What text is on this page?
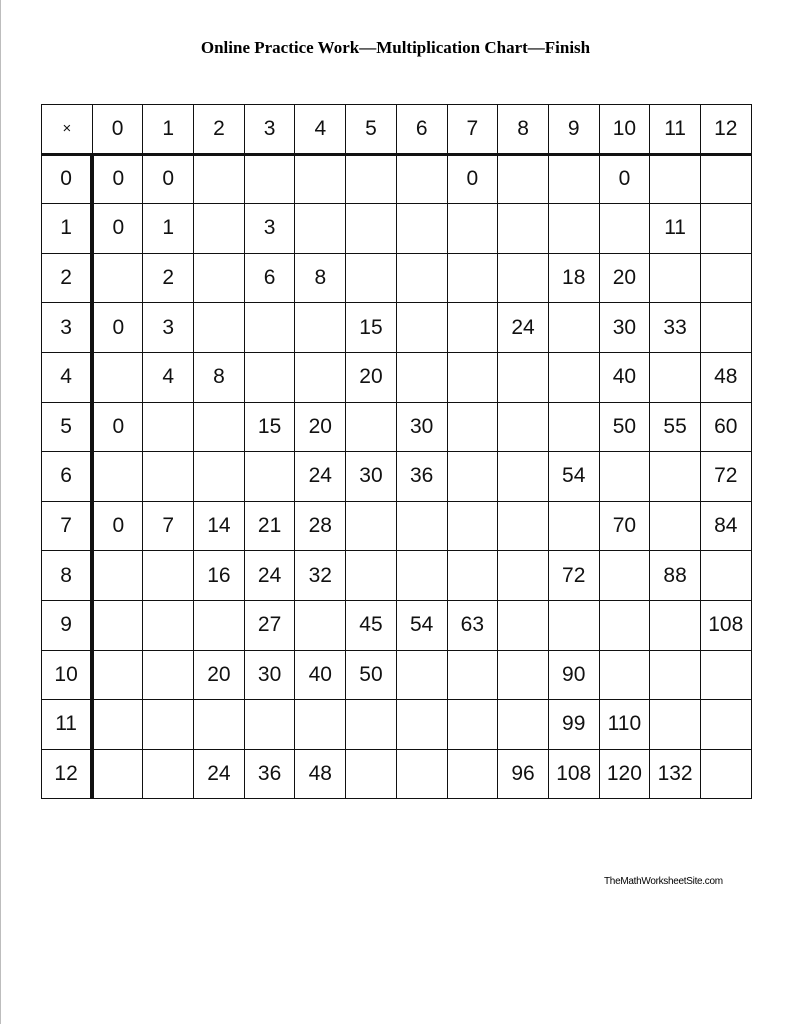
Online Practice Work—Multiplication Chart—Finish
×	0	1	2	3	4	5	6	7	8	9	10	11	12
0	0	0						0			0		
1	0	1		3								11	
2		2		6	8					18	20		
3	0	3				15			24		30	33	
4		4	8			20					40		48
5	0			15	20		30				50	55	60
6					24	30	36			54			72
7	0	7	14	21	28						70		84
8			16	24	32					72		88	
9				27		45	54	63					108
10			20	30	40	50				90			
11										99	110		
12			24	36	48				96	108	120	132	
TheMathWorksheetSite.com
